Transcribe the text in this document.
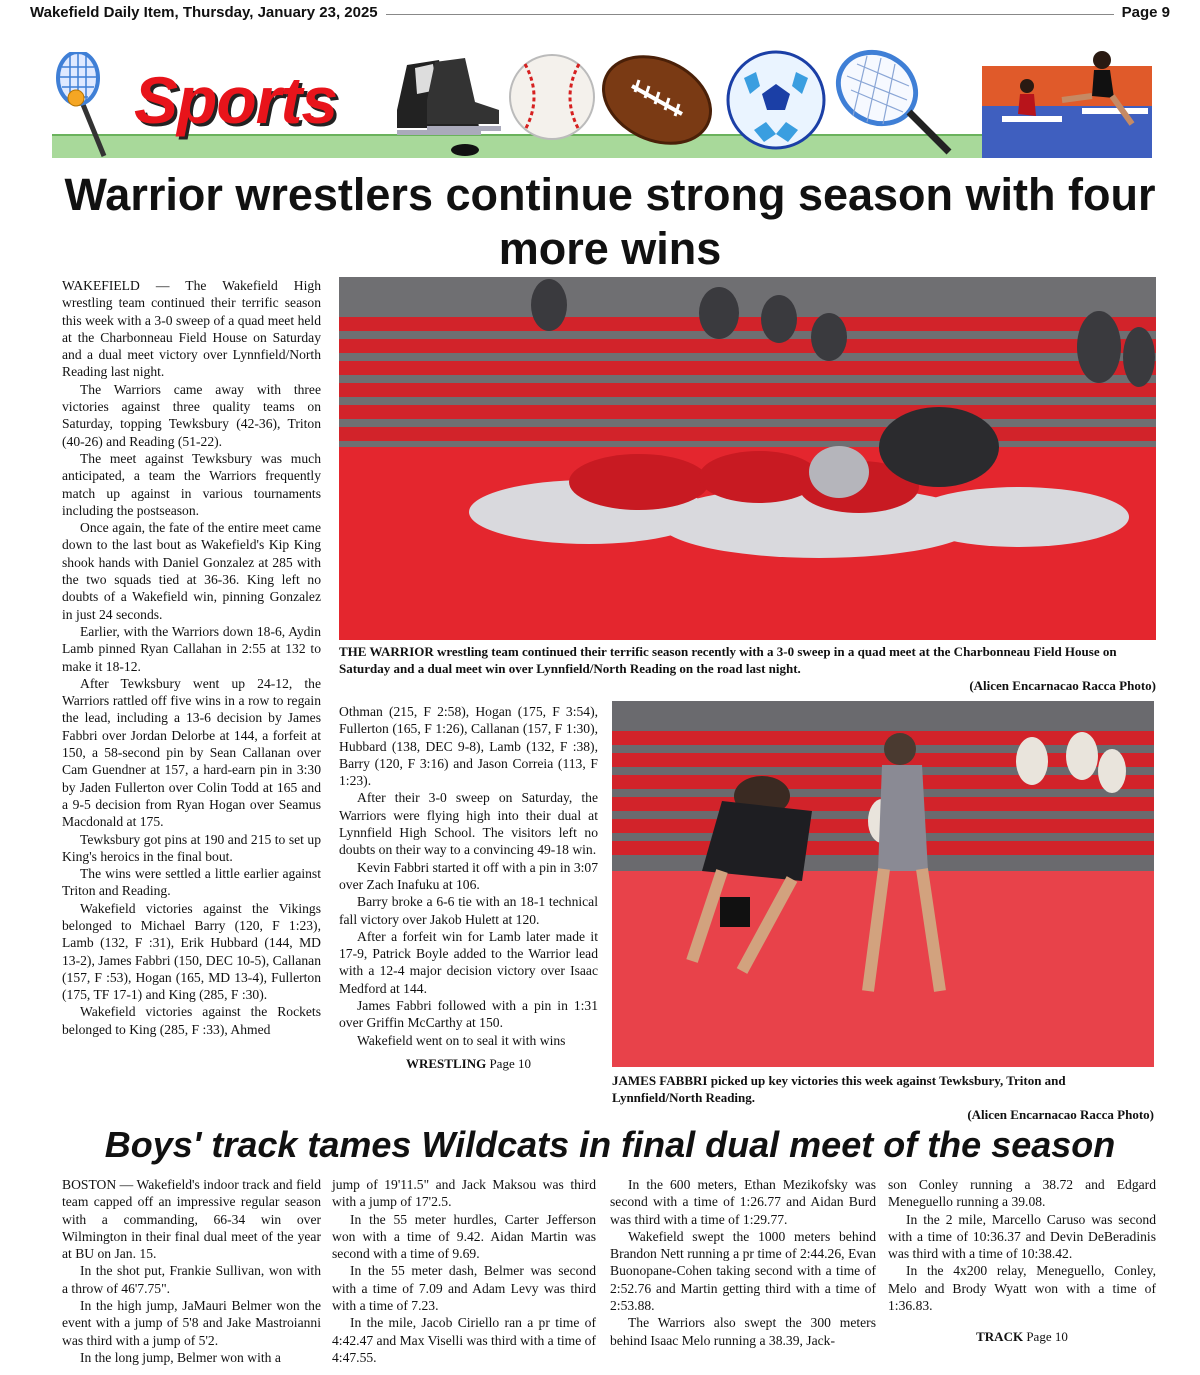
Wakefield Daily Item, Thursday, January 23, 2025	Page 9
Sports
Warrior wrestlers continue strong season with four more wins

WAKEFIELD — The Wakefield High wrestling team continued their terrific season this week with a 3-0 sweep of a quad meet held at the Charbonneau Field House on Saturday and a dual meet victory over Lynnfield/North Reading last night.

The Warriors came away with three victories against three quality teams on Saturday, topping Tewksbury (42-36), Triton (40-26) and Reading (51-22).

The meet against Tewksbury was much anticipated, a team the Warriors frequently match up against in various tournaments including the postseason.

Once again, the fate of the entire meet came down to the last bout as Wakefield's Kip King shook hands with Daniel Gonzalez at 285 with the two squads tied at 36-36. King left no doubts of a Wakefield win, pinning Gonzalez in just 24 seconds.

Earlier, with the Warriors down 18-6, Aydin Lamb pinned Ryan Callahan in 2:55 at 132 to make it 18-12.

After Tewksbury went up 24-12, the Warriors rattled off five wins in a row to regain the lead, including a 13-6 decision by James Fabbri over Jordan Delorbe at 144, a forfeit at 150, a 58-second pin by Sean Callanan over Cam Guendner at 157, a hard-earn pin in 3:30 by Jaden Fullerton over Colin Todd at 165 and a 9-5 decision from Ryan Hogan over Seamus Macdonald at 175.

Tewksbury got pins at 190 and 215 to set up King's heroics in the final bout.

The wins were settled a little earlier against Triton and Reading.

Wakefield victories against the Vikings belonged to Michael Barry (120, F 1:23), Lamb (132, F :31), Erik Hubbard (144, MD 13-2), James Fabbri (150, DEC 10-5), Callanan (157, F :53), Hogan (165, MD 13-4), Fullerton (175, TF 17-1) and King (285, F :30).

Wakefield victories against the Rockets belonged to King (285, F :33), Ahmed

THE WARRIOR wrestling team continued their terrific season recently with a 3-0 sweep in a quad meet at the Charbonneau Field House on Saturday and a dual meet win over Lynnfield/North Reading on the road last night.
(Alicen Encarnacao Racca Photo)

Othman (215, F 2:58), Hogan (175, F 3:54), Fullerton (165, F 1:26), Callanan (157, F 1:30), Hubbard (138, DEC 9-8), Lamb (132, F :38), Barry (120, F 3:16) and Jason Correia (113, F 1:23).

After their 3-0 sweep on Saturday, the Warriors were flying high into their dual at Lynnfield High School. The visitors left no doubts on their way to a convincing 49-18 win.

Kevin Fabbri started it off with a pin in 3:07 over Zach Inafuku at 106.

Barry broke a 6-6 tie with an 18-1 technical fall victory over Jakob Hulett at 120.

After a forfeit win for Lamb later made it 17-9, Patrick Boyle added to the Warrior lead with a 12-4 major decision victory over Isaac Medford at 144.

James Fabbri followed with a pin in 1:31 over Griffin McCarthy at 150.

Wakefield went on to seal it with wins

WRESTLING Page 10
JAMES FABBRI picked up key victories this week against Tewksbury, Triton and Lynnfield/North Reading.
(Alicen Encarnacao Racca Photo)
Boys' track tames Wildcats in final dual meet of the season

BOSTON — Wakefield's indoor track and field team capped off an impressive regular season with a commanding, 66-34 win over Wilmington in their final dual meet of the year at BU on Jan. 15.

In the shot put, Frankie Sullivan, won with a throw of 46'7.75".

In the high jump, JaMauri Belmer won the event with a jump of 5'8 and Jake Mastroianni was third with a jump of 5'2.

In the long jump, Belmer won with a

jump of 19'11.5" and Jack Maksou was third with a jump of 17'2.5.

In the 55 meter hurdles, Carter Jefferson won with a time of 9.42. Aidan Martin was second with a time of 9.69.

In the 55 meter dash, Belmer was second with a time of 7.09 and Adam Levy was third with a time of 7.23.

In the mile, Jacob Ciriello ran a pr time of 4:42.47 and Max Viselli was third with a time of 4:47.55.

In the 600 meters, Ethan Mezikofsky was second with a time of 1:26.77 and Aidan Burd was third with a time of 1:29.77.

Wakefield swept the 1000 meters behind Brandon Nett running a pr time of 2:44.26, Evan Buonopane-Cohen taking second with a time of 2:52.76 and Martin getting third with a time of 2:53.88.

The Warriors also swept the 300 meters behind Isaac Melo running a 38.39, Jack-

son Conley running a 38.72 and Edgard Meneguello running a 39.08.

In the 2 mile, Marcello Caruso was second with a time of 10:36.37 and Devin DeBeradinis was third with a time of 10:38.42.

In the 4x200 relay, Meneguello, Conley, Melo and Brody Wyatt won with a time of 1:36.83.

TRACK Page 10
